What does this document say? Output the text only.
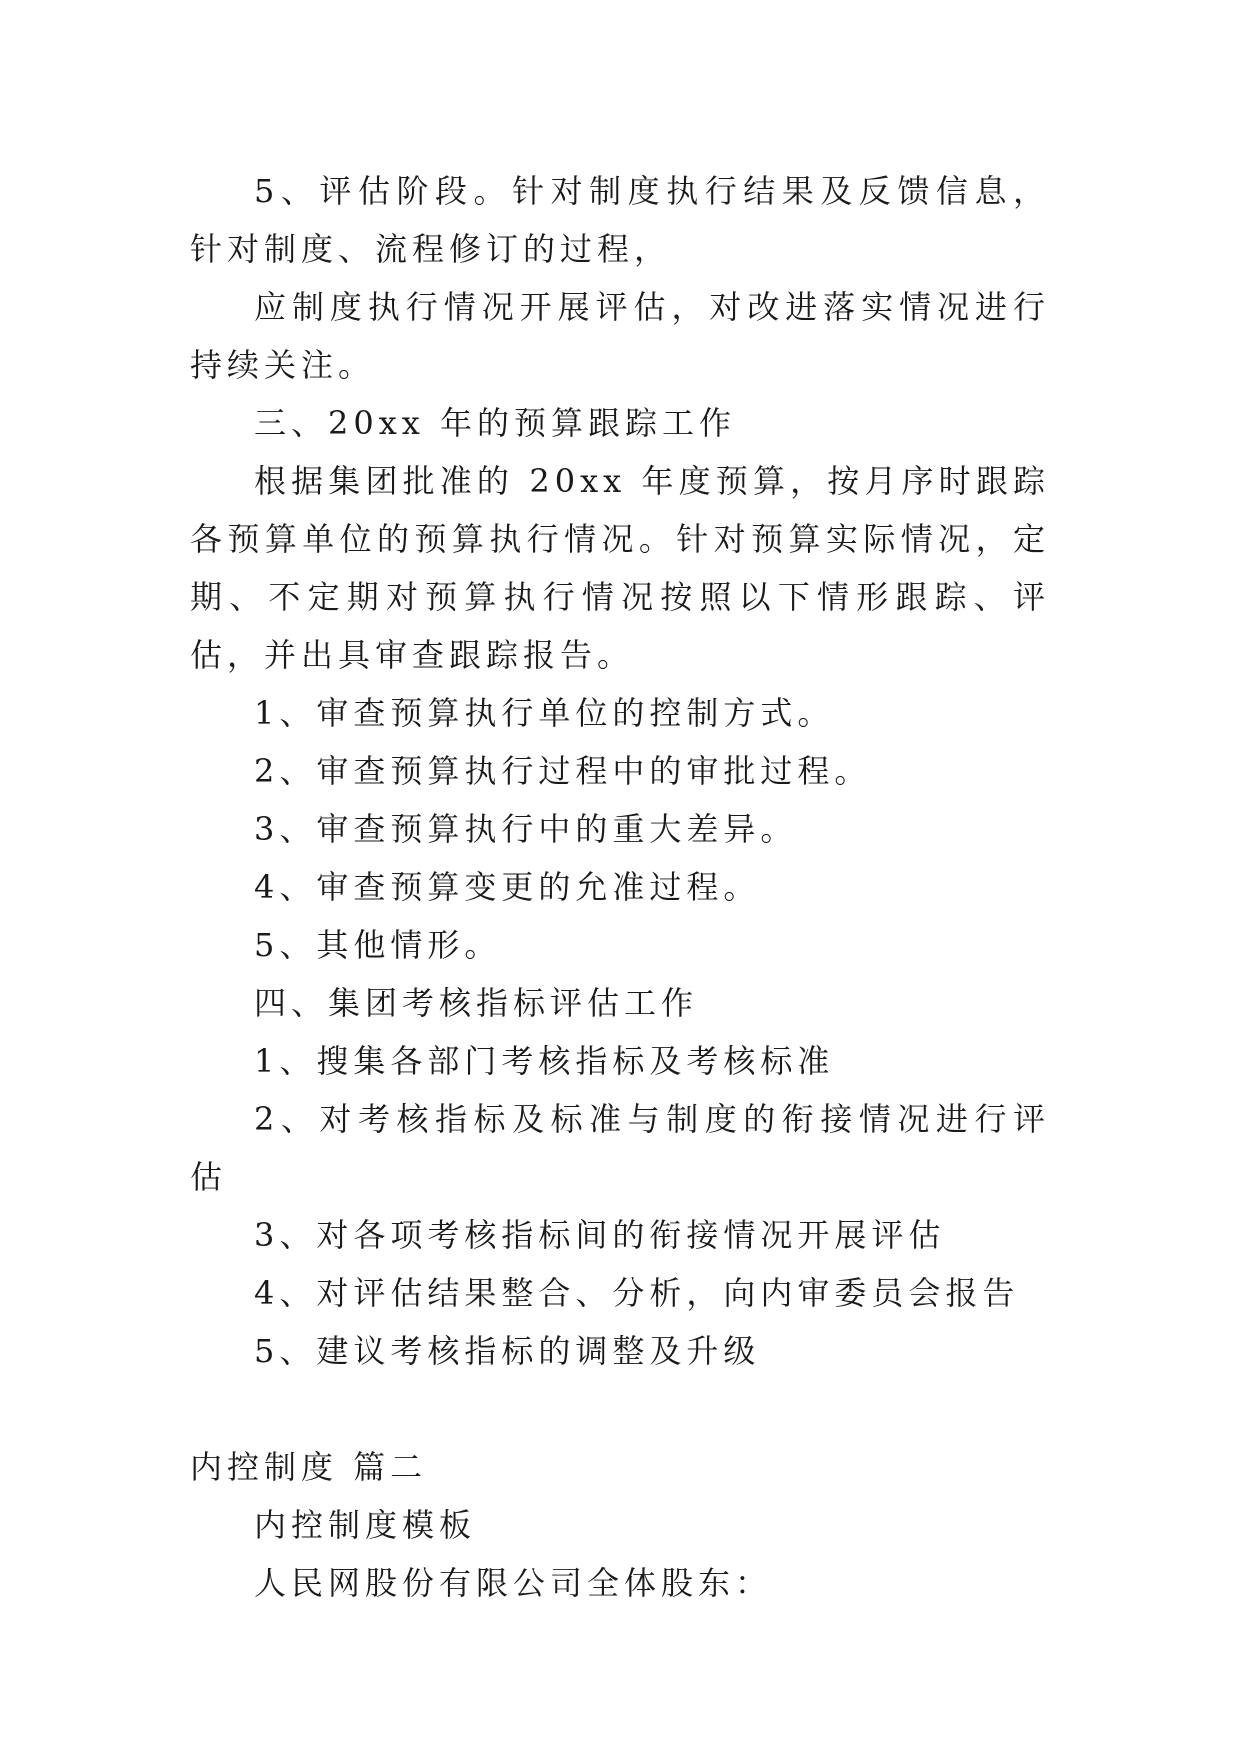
5、评估阶段。针对制度执行结果及反馈信息，针对制度、流程修订的过程，

应制度执行情况开展评估，对改进落实情况进行持续关注。

三、20xx 年的预算跟踪工作

根据集团批准的 20xx 年度预算，按月序时跟踪各预算单位的预算执行情况。针对预算实际情况，定期、不定期对预算执行情况按照以下情形跟踪、评估，并出具审查跟踪报告。

1、审查预算执行单位的控制方式。

2、审查预算执行过程中的审批过程。

3、审查预算执行中的重大差异。

4、审查预算变更的允准过程。

5、其他情形。

四、集团考核指标评估工作

1、搜集各部门考核指标及考核标准

2、对考核指标及标准与制度的衔接情况进行评估

3、对各项考核指标间的衔接情况开展评估

4、对评估结果整合、分析，向内审委员会报告

5、建议考核指标的调整及升级

内控制度 篇二

内控制度模板

人民网股份有限公司全体股东：
